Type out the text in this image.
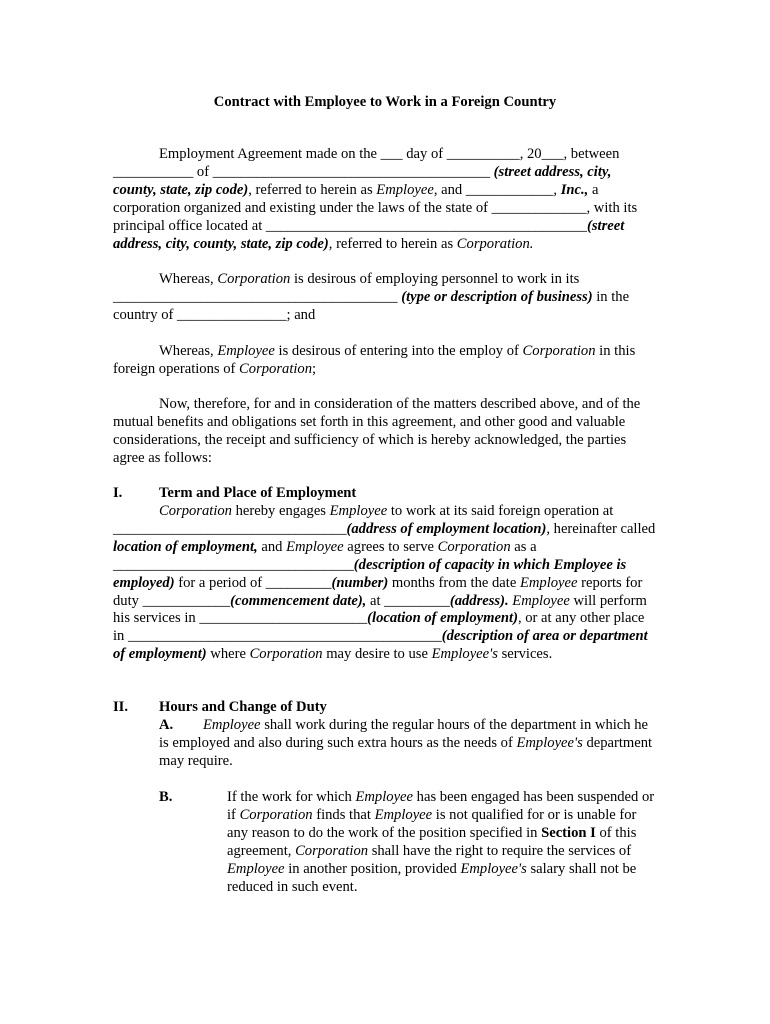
Contract with Employee to Work in a Foreign Country
Employment Agreement made on the ___ day of __________, 20___, between ___________ of ______________________________________ (street address, city, county, state, zip code), referred to herein as Employee, and ____________, Inc., a corporation organized and existing under the laws of the state of _____________, with its principal office located at ____________________________________________(street address, city, county, state, zip code), referred to herein as Corporation.
Whereas, Corporation is desirous of employing personnel to work in its _______________________________________ (type or description of business) in the country of _______________; and
Whereas, Employee is desirous of entering into the employ of Corporation in this foreign operations of Corporation;
Now, therefore, for and in consideration of the matters described above, and of the mutual benefits and obligations set forth in this agreement, and other good and valuable considerations, the receipt and sufficiency of which is hereby acknowledged, the parties agree as follows:
I.	Term and Place of Employment
Corporation hereby engages Employee to work at its said foreign operation at ________________________________(address of employment location), hereinafter called location of employment, and Employee agrees to serve Corporation as a _________________________________(description of capacity in which Employee is employed) for a period of _________(number) months from the date Employee reports for duty ____________(commencement date), at _________(address). Employee will perform his services in _______________________(location of employment), or at any other place in ___________________________________________(description of area or department of employment) where Corporation may desire to use Employee's services.
II. Hours and Change of Duty
A. Employee shall work during the regular hours of the department in which he is employed and also during such extra hours as the needs of Employee's department may require.
B.	If the work for which Employee has been engaged has been suspended or if Corporation finds that Employee is not qualified for or is unable for any reason to do the work of the position specified in Section I of this agreement, Corporation shall have the right to require the services of Employee in another position, provided Employee's salary shall not be reduced in such event.
